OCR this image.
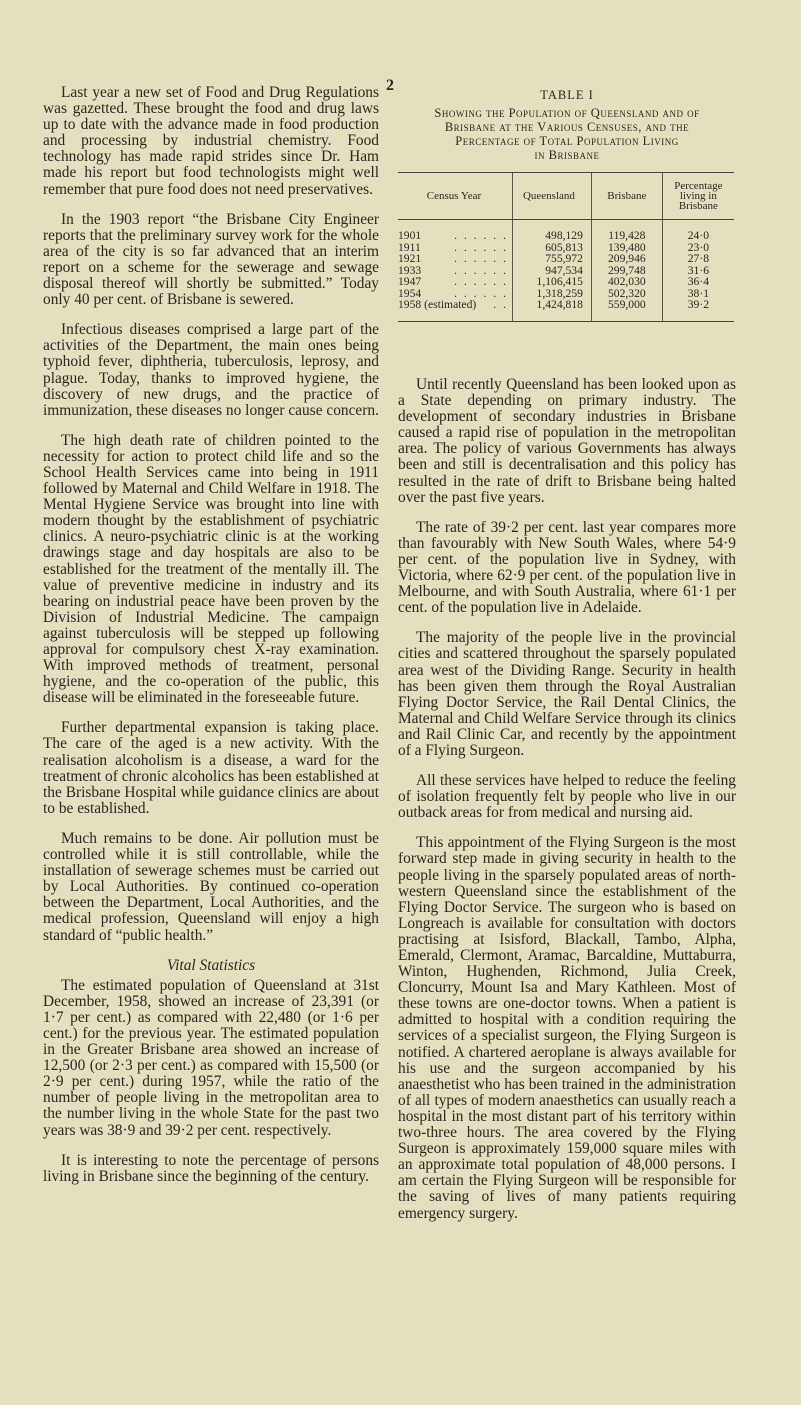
2

Last year a new set of Food and Drug Regulations was gazetted. These brought the food and drug laws up to date with the advance made in food production and processing by industrial chemistry. Food technology has made rapid strides since Dr. Ham made his report but food technologists might well remember that pure food does not need preservatives.

In the 1903 report “the Brisbane City Engineer reports that the preliminary survey work for the whole area of the city is so far advanced that an interim report on a scheme for the sewerage and sewage disposal thereof will shortly be submitted.” Today only 40 per cent. of Brisbane is sewered.

Infectious diseases comprised a large part of the activities of the Department, the main ones being typhoid fever, diphtheria, tuberculosis, leprosy, and plague. Today, thanks to improved hygiene, the discovery of new drugs, and the practice of immunization, these diseases no longer cause concern.

The high death rate of children pointed to the necessity for action to protect child life and so the School Health Services came into being in 1911 followed by Maternal and Child Welfare in 1918. The Mental Hygiene Service was brought into line with modern thought by the establishment of psychiatric clinics. A neuro-psychiatric clinic is at the working drawings stage and day hospitals are also to be established for the treatment of the mentally ill. The value of preventive medicine in industry and its bearing on industrial peace have been proven by the Division of Industrial Medicine. The campaign against tuberculosis will be stepped up following approval for compulsory chest X-ray examination. With improved methods of treatment, personal hygiene, and the co-operation of the public, this disease will be eliminated in the foreseeable future.

Further departmental expansion is taking place. The care of the aged is a new activity. With the realisation alcoholism is a disease, a ward for the treatment of chronic alcoholics has been established at the Brisbane Hospital while guidance clinics are about to be established.

Much remains to be done. Air pollution must be controlled while it is still controllable, while the installation of sewerage schemes must be carried out by Local Authorities. By continued co-operation between the Department, Local Authorities, and the medical profession, Queensland will enjoy a high standard of “public health.”

Vital Statistics

The estimated population of Queensland at 31st December, 1958, showed an increase of 23,391 (or 1·7 per cent.) as compared with 22,480 (or 1·6 per cent.) for the previous year. The estimated population in the Greater Brisbane area showed an increase of 12,500 (or 2·3 per cent.) as compared with 15,500 (or 2·9 per cent.) during 1957, while the ratio of the number of people living in the metropolitan area to the number living in the whole State for the past two years was 38·9 and 39·2 per cent. respectively.

It is interesting to note the percentage of persons living in Brisbane since the beginning of the century.

TABLE I
Showing the Population of Queensland and of
Brisbane at the Various Censuses, and the
Percentage of Total Population Living
in Brisbane
Census Year	Queensland	Brisbane	Percentage living in Brisbane
1901 . . . . . .	498,129	119,428	24·0
1911 . . . . . .	605,813	139,480	23·0
1921 . . . . . .	755,972	209,946	27·8
1933 . . . . . .	947,534	299,748	31·6
1947 . . . . . .	1,106,415	402,030	36·4
1954 . . . . . .	1,318,259	502,320	38·1
1958 (estimated) . .	1,424,818	559,000	39·2

Until recently Queensland has been looked upon as a State depending on primary industry. The development of secondary industries in Brisbane caused a rapid rise of population in the metropolitan area. The policy of various Governments has always been and still is decentralisation and this policy has resulted in the rate of drift to Brisbane being halted over the past five years.

The rate of 39·2 per cent. last year compares more than favourably with New South Wales, where 54·9 per cent. of the population live in Sydney, with Victoria, where 62·9 per cent. of the population live in Melbourne, and with South Australia, where 61·1 per cent. of the population live in Adelaide.

The majority of the people live in the provincial cities and scattered throughout the sparsely populated area west of the Dividing Range. Security in health has been given them through the Royal Australian Flying Doctor Service, the Rail Dental Clinics, the Maternal and Child Welfare Service through its clinics and Rail Clinic Car, and recently by the appointment of a Flying Surgeon.

All these services have helped to reduce the feeling of isolation frequently felt by people who live in our outback areas for from medical and nursing aid.

This appointment of the Flying Surgeon is the most forward step made in giving security in health to the people living in the sparsely populated areas of north-western Queensland since the establishment of the Flying Doctor Service. The surgeon who is based on Longreach is available for consultation with doctors practising at Isisford, Blackall, Tambo, Alpha, Emerald, Clermont, Aramac, Barcaldine, Muttaburra, Winton, Hughenden, Richmond, Julia Creek, Cloncurry, Mount Isa and Mary Kathleen. Most of these towns are one-doctor towns. When a patient is admitted to hospital with a condition requiring the services of a specialist surgeon, the Flying Surgeon is notified. A chartered aeroplane is always available for his use and the surgeon accompanied by his anaesthetist who has been trained in the administration of all types of modern anaesthetics can usually reach a hospital in the most distant part of his territory within two-three hours. The area covered by the Flying Surgeon is approximately 159,000 square miles with an approximate total population of 48,000 persons. I am certain the Flying Surgeon will be responsible for the saving of lives of many patients requiring emergency surgery.
